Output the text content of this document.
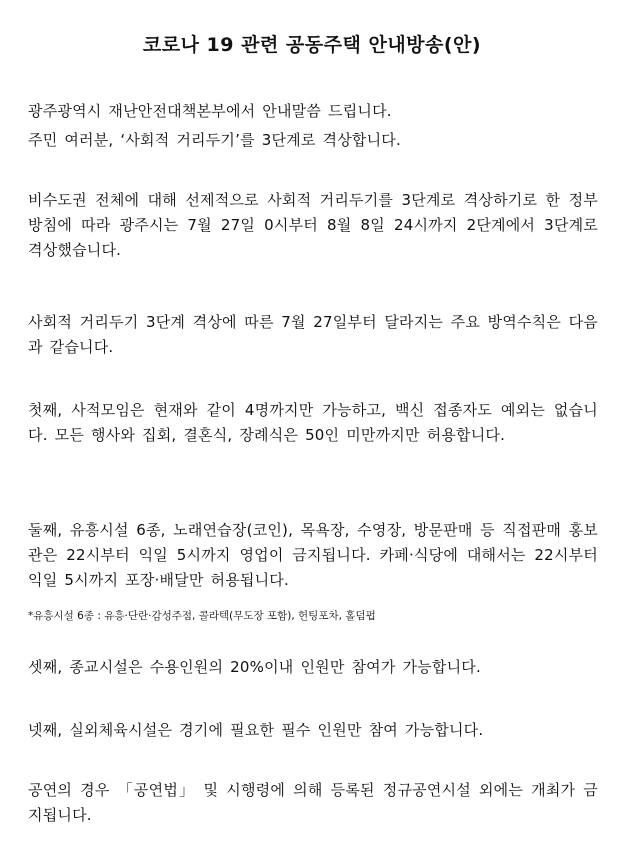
코로나 19 관련 공동주택 안내방송(안)

광주광역시 재난안전대책본부에서 안내말씀 드립니다.

주민 여러분, ‘사회적 거리두기’를 3단계로 격상합니다.

비수도권 전체에 대해 선제적으로 사회적 거리두기를 3단계로 격상하기로 한 정부 방침에 따라 광주시는 7월 27일 0시부터 8월 8일 24시까지 2단계에서 3단계로 격상했습니다.

사회적 거리두기 3단계 격상에 따른 7월 27일부터 달라지는 주요 방역수칙은 다음과 같습니다.

첫째, 사적모임은 현재와 같이 4명까지만 가능하고, 백신 접종자도 예외는 없습니다. 모든 행사와 집회, 결혼식, 장례식은 50인 미만까지만 허용합니다.

둘째, 유흥시설 6종, 노래연습장(코인), 목욕장, 수영장, 방문판매 등 직접판매 홍보관은 22시부터 익일 5시까지 영업이 금지됩니다. 카페·식당에 대해서는 22시부터 익일 5시까지 포장·배달만 허용됩니다.

*유흥시설 6종 : 유흥·단란·감성주점, 콜라텍(무도장 포함), 헌팅포차, 홀덤펍

셋째, 종교시설은 수용인원의 20%이내 인원만 참여가 가능합니다.

넷째, 실외체육시설은 경기에 필요한 필수 인원만 참여 가능합니다.

공연의 경우 「공연법」 및 시행령에 의해 등록된 정규공연시설 외에는 개최가 금지됩니다.
